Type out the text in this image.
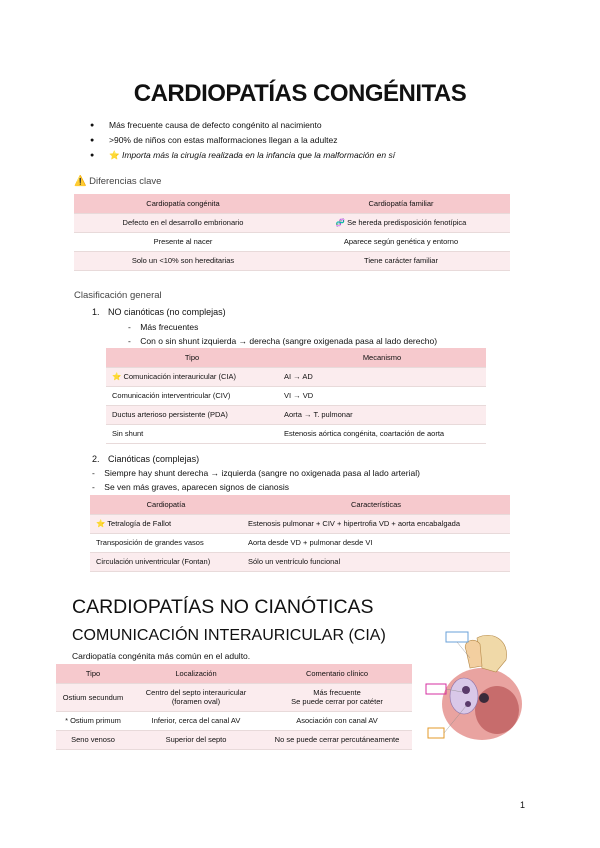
CARDIOPATÍAS CONGÉNITAS
● Más frecuente causa de defecto congénito al nacimiento
● >90% de niños con estas malformaciones llegan a la adultez
● ⭐ Importa más la cirugía realizada en la infancia que la malformación en sí
⚠️ Diferencias clave
Cardiopatía congénita	Cardiopatía familiar
Defecto en el desarrollo embrionario	🧬 Se hereda predisposición fenotípica
Presente al nacer	Aparece según genética y entorno
Solo un <10% son hereditarias	Tiene carácter familiar
Clasificación general
1. NO cianóticas (no complejas)
-    Más frecuentes
-    Con o sin shunt izquierda → derecha (sangre oxigenada pasa al lado derecho)
Tipo	Mecanismo
⭐ Comunicación interauricular (CIA)	AI → AD
Comunicación interventricular (CIV)	VI → VD
Ductus arterioso persistente (PDA)	Aorta → T. pulmonar
Sin shunt	Estenosis aórtica congénita, coartación de aorta
2. Cianóticas (complejas)
-    Siempre hay shunt derecha → izquierda (sangre no oxigenada pasa al lado arterial)
-    Se ven más graves, aparecen signos de cianosis
Cardiopatía	Características
⭐ Tetralogía de Fallot	Estenosis pulmonar + CIV + hipertrofia VD + aorta encabalgada
Transposición de grandes vasos	Aorta desde VD + pulmonar desde VI
Circulación univentricular (Fontan)	Sólo un ventrículo funcional
CARDIOPATÍAS NO CIANÓTICAS
COMUNICACIÓN INTERAURICULAR (CIA)
Cardiopatía congénita más común en el adulto.
Tipo	Localización	Comentario clínico
Ostium secundum	Centro del septo interauricular (foramen oval)	Más frecuente
Se puede cerrar por catéter
* Ostium primum	Inferior, cerca del canal AV	Asociación con canal AV
Seno venoso	Superior del septo	No se puede cerrar percutáneamente
1
